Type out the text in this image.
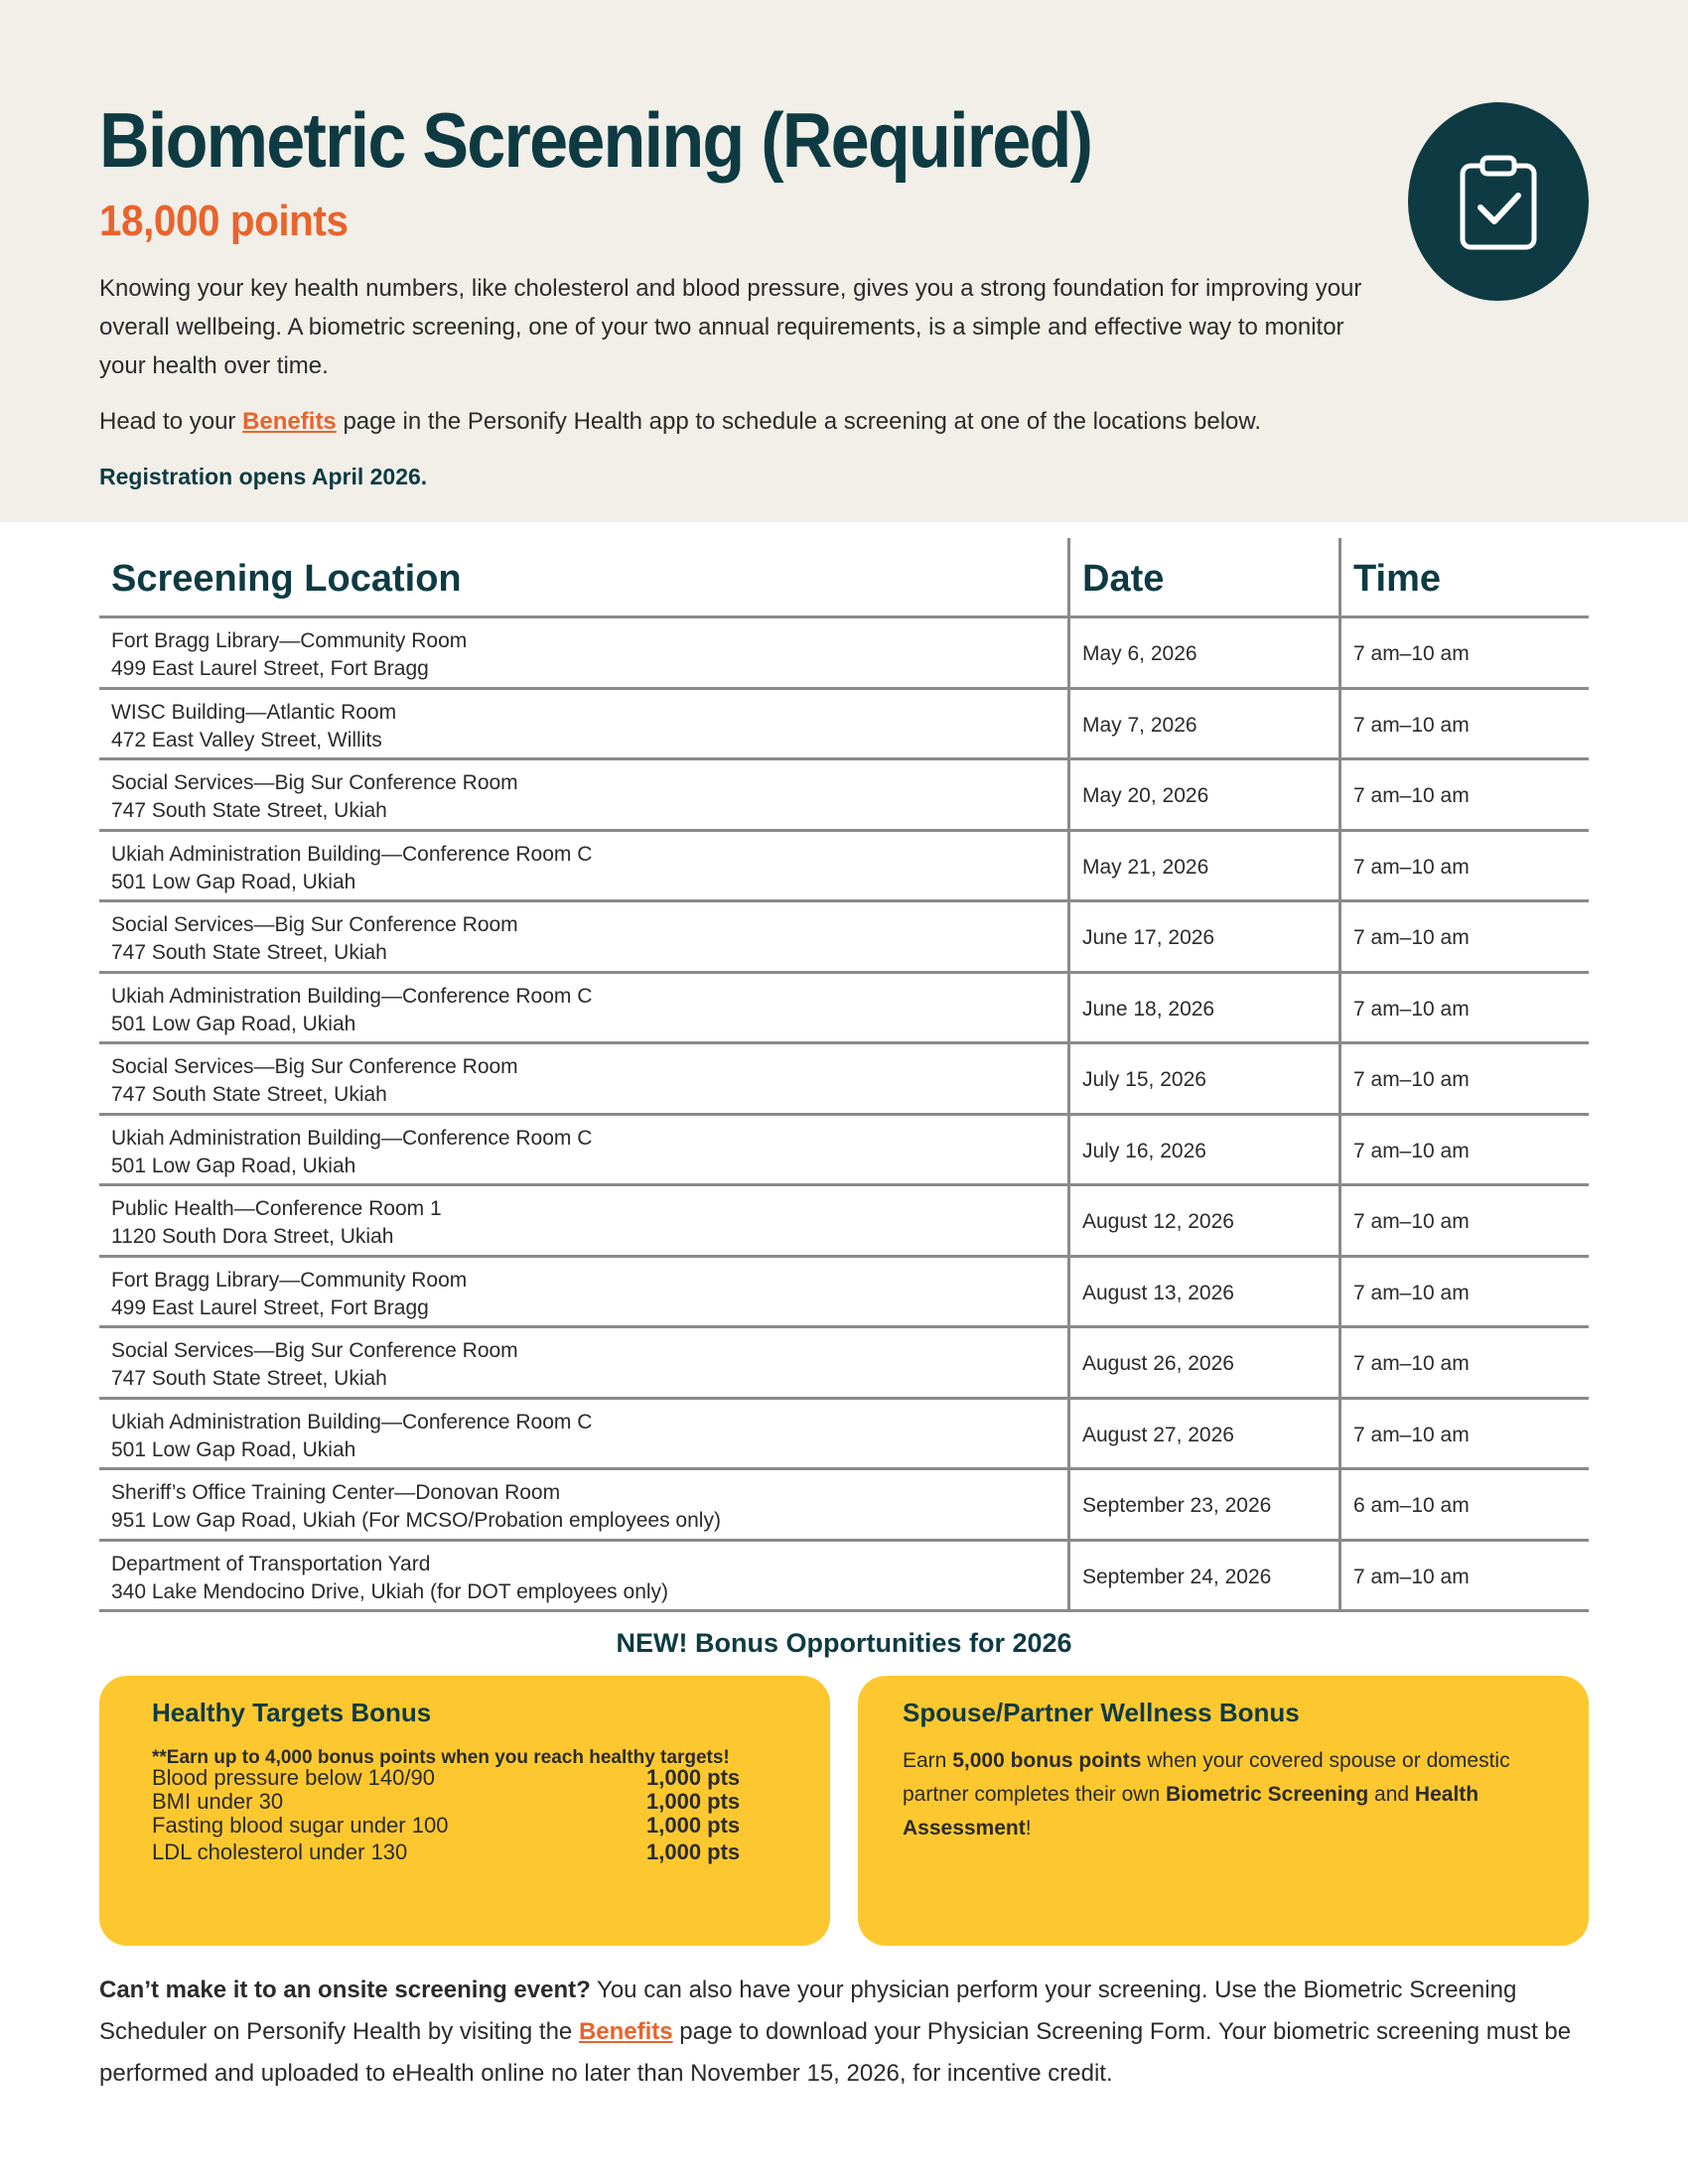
Biometric Screening (Required)

18,000 points

Knowing your key health numbers, like cholesterol and blood pressure, gives you a strong foundation for improving your overall wellbeing. A biometric screening, one of your two annual requirements, is a simple and effective way to monitor your health over time.

Head to your Benefits page in the Personify Health app to schedule a screening at one of the locations below.

Registration opens April 2026.

Screening Location	Date	Time
Fort Bragg Library—Community Room
499 East Laurel Street, Fort Bragg
May 6, 2026	7 am–10 am
WISC Building—Atlantic Room
472 East Valley Street, Willits
May 7, 2026	7 am–10 am
Social Services—Big Sur Conference Room
747 South State Street, Ukiah
May 20, 2026	7 am–10 am
Ukiah Administration Building—Conference Room C
501 Low Gap Road, Ukiah
May 21, 2026	7 am–10 am
Social Services—Big Sur Conference Room
747 South State Street, Ukiah
June 17, 2026	7 am–10 am
Ukiah Administration Building—Conference Room C
501 Low Gap Road, Ukiah
June 18, 2026	7 am–10 am
Social Services—Big Sur Conference Room
747 South State Street, Ukiah
July 15, 2026	7 am–10 am
Ukiah Administration Building—Conference Room C
501 Low Gap Road, Ukiah
July 16, 2026	7 am–10 am
Public Health—Conference Room 1
1120 South Dora Street, Ukiah
August 12, 2026	7 am–10 am
Fort Bragg Library—Community Room
499 East Laurel Street, Fort Bragg
August 13, 2026	7 am–10 am
Social Services—Big Sur Conference Room
747 South State Street, Ukiah
August 26, 2026	7 am–10 am
Ukiah Administration Building—Conference Room C
501 Low Gap Road, Ukiah
August 27, 2026	7 am–10 am
Sheriff’s Office Training Center—Donovan Room
951 Low Gap Road, Ukiah (For MCSO/Probation employees only)
September 23, 2026	6 am–10 am
Department of Transportation Yard
340 Lake Mendocino Drive, Ukiah (for DOT employees only)
September 24, 2026	7 am–10 am

NEW! Bonus Opportunities for 2026

Healthy Targets Bonus

**Earn up to 4,000 bonus points when you reach healthy targets!

Blood pressure below 140/90	1,000 pts
BMI under 30	1,000 pts
Fasting blood sugar under 100	1,000 pts
LDL cholesterol under 130	1,000 pts
Spouse/Partner Wellness Bonus

Earn 5,000 bonus points when your covered spouse or domestic partner completes their own Biometric Screening and Health Assessment!

Can’t make it to an onsite screening event? You can also have your physician perform your screening. Use the Biometric Screening Scheduler on Personify Health by visiting the Benefits page to download your Physician Screening Form. Your biometric screening must be performed and uploaded to eHealth online no later than November 15, 2026, for incentive credit.
